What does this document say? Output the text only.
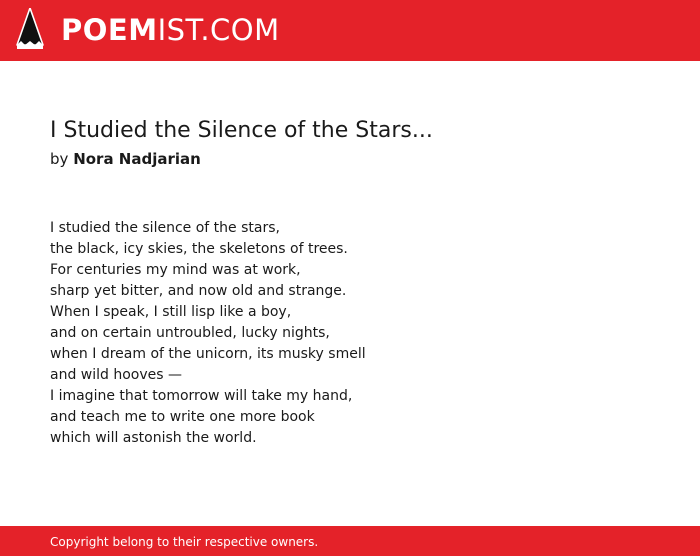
POEMIST.COM
I Studied the Silence of the Stars...
by Nora Nadjarian
I studied the silence of the stars,
the black, icy skies, the skeletons of trees.
For centuries my mind was at work,
sharp yet bitter, and now old and strange.
When I speak, I still lisp like a boy,
and on certain untroubled, lucky nights,
when I dream of the unicorn, its musky smell
and wild hooves —
I imagine that tomorrow will take my hand,
and teach me to write one more book
which will astonish the world.
Copyright belong to their respective owners.
